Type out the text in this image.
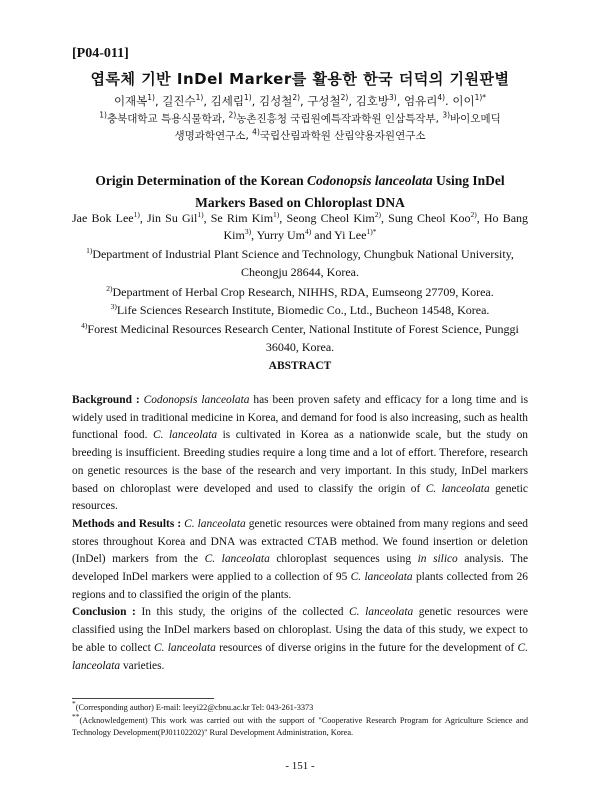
[P04-011]
엽록체 기반 InDel Marker를 활용한 한국 더덕의 기원판별
이재복$^{1)}$, 길진수$^{1)}$, 김세림$^{1)}$, 김성철$^{2)}$, 구성철$^{2)}$, 김호방$^{3)}$, 엄유리$^{4)}$. 이이$^{1)*}$
$^{1)}$충북대학교 특용식물학과, $^{2)}$농촌진흥청 국립원예특작과학원 인삼특작부, $^{3)}$바이오메딕
생명과학연구소, $^{4)}$국립산림과학원 산림약용자원연구소
Origin Determination of the Korean Codonopsis lanceolata Using InDel Markers Based on Chloroplast DNA
Jae Bok Lee$^{1)}$, Jin Su Gil$^{1)}$, Se Rim Kim$^{1)}$, Seong Cheol Kim$^{2)}$, Sung Cheol Koo$^{2)}$, Ho Bang Kim$^{3)}$, Yurry Um$^{4)}$ and Yi Lee$^{1)*}$
$^{1)}$Department of Industrial Plant Science and Technology, Chungbuk National University, Cheongju 28644, Korea.
$^{2)}$Department of Herbal Crop Research, NIHHS, RDA, Eumseong 27709, Korea.
$^{3)}$Life Sciences Research Institute, Biomedic Co., Ltd., Bucheon 14548, Korea.
$^{4)}$Forest Medicinal Resources Research Center, National Institute of Forest Science, Punggi 36040, Korea.
ABSTRACT

Background : Codonopsis lanceolata has been proven safety and efficacy for a long time and is widely used in traditional medicine in Korea, and demand for food is also increasing, such as health functional food. C. lanceolata is cultivated in Korea as a nationwide scale, but the study on breeding is insufficient. Breeding studies require a long time and a lot of effort. Therefore, research on genetic resources is the base of the research and very important. In this study, InDel markers based on chloroplast were developed and used to classify the origin of C. lanceolata genetic resources.

Methods and Results : C. lanceolata genetic resources were obtained from many regions and seed stores throughout Korea and DNA was extracted CTAB method. We found insertion or deletion (InDel) markers from the C. lanceolata chloroplast sequences using in silico analysis. The developed InDel markers were applied to a collection of 95 C. lanceolata plants collected from 26 regions and to classified the origin of the plants.

Conclusion : In this study, the origins of the collected C. lanceolata genetic resources were classified using the InDel markers based on chloroplast. Using the data of this study, we expect to be able to collect C. lanceolata resources of diverse origins in the future for the development of C. lanceolata varieties.

*(Corresponding author) E-mail: leeyi22@cbnu.ac.kr Tel: 043-261-3373
**(Acknowledgement) This work was carried out with the support of "Cooperative Research Program for Agriculture Science and Technology Development(PJ01102202)" Rural Development Administration, Korea.
- 151 -
